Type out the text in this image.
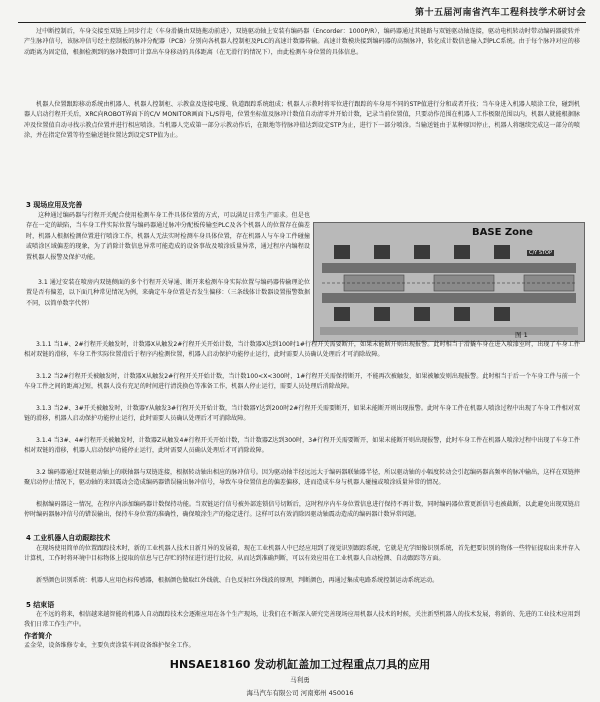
第十五届河南省汽车工程科技学术研讨会

过中断控制后，车身交接至双链上同步行走（车身滑撬由双链拖动前进），双链驱动轴上安装有编码器（Encorder：1000P/R），编码器通过其链路与双链驱动轴连接，驱动电机转动时带动编码器旋转并产生脉冲信号，该脉冲信号经主控制板的脉冲分配器（PCB）分别向各机器人控制柜及PLC的高速计数器传输。高速计数模块接到编码器的高频脉冲，转化成计数信息输入到PLC系统。由于每个脉冲对应的移动距离为固定值，根据检测到的脉冲数即可计算出车身移动的具体距离（在无滑行的情况下），由此检测车身位置的具体信息。

机器人位置跟踪移动系统由机器人、机器人控制柜、示教盒及连接电缆、轨道跟踪系统组成；机器人示教时将零位进行跟踪的车身用不同的STP值进行分和或者开技；当车身进入机器人喷涂工位，碰到机器人启动行程开关后，XRC向ROBOT界面下的C/V MONITOR画面下L/S得电，位置坐标值及脉冲计数值自动清零并开始计数，记录当前位置值，只要动作范围在机器人工作极限范围以内，机器人就能根据脉冲及位置值自动寻找示教点位置并进行相应喷涂。当机器人完成第一部分示教动作后，在限地等待脉冲值达到设定STP为止，进行下一部分喷涂。当输送链由于某种原因停止，机器人将继续完成这一部分的喷涂，并在指定位置等待至输送链位置达到设定STP值为止。

3 现场应用及完善

这种通过编码器与行程开关配合使用检测车身工件具体位置的方式，可以满足日常生产需求。但是也存在一定的缺陷，当车身工件实际位置与编码器通过脉冲分配板传输至PLC及各个机器人的位置存在偏差时，机器人根据检测位置进行喷涂工作，机器人无法实时检测车身具体位置，存在机器人与车身工件碰撞或喷涂区域偏差的现象，为了消除计数信息异常可能造成的设备事故及喷涂质量异常，通过程序内编程设置机器人报警及保护功能。

3.1 通过安装在喷房内双链侧面的多个行程开关导通、断开来检测车身实际位置与编码器传输理论位置是否有偏差，以下面几种常见情况为例，来确定车身位置是否发生偏移：（三条线体计数器设置报警数据不同，以简单数字代替）

BASE Zone
C/Y STOP
图 1

3.1.1 当1#、2#行程开关触发时，计数器X从触发2#行程开关开始计数，当计数器X达到100时1#行程开关需要断开，如果未能断开则出现报警。此时相当于滑撬车身在进入喷漆室时，出现了车身工件相对双链的滑移，车身工件实际位置滑后于程序内检测位置，机器人启动保护功能停止运行，此时需要人员确认处理后才可消除故障。

3.1.2 当2#行程开关被触发时，计数器X从触发2#行程开关开始计数，当计数100<X<300时，1#行程开关需保持断开，不能再次被触发，如果被触发则出现报警。此时相当于后一个车身工件与前一个车身工件之间的距离过短，机器人没有充足的时间进行清洗换色等准备工作，机器人停止运行，需要人员处理后消除故障。

3.1.3 当2#、3#开关被触发时，计数器Y从触发3#行程开关开始计数，当计数器Y达到200时2#行程开关需要断开，如果未能断开则出现报警。此时车身工件在机器人喷涂过程中出现了车身工件相对双链的滑移，机器人启动保护功能停止运行，此时需要人员确认处理后才可消除故障。

3.1.4 当3#、4#行程开关被触发时，计数器Z从触发4#行程开关开始计数，当计数器Z达到300时，3#行程开关需要断开，如果未能断开则出现报警，此时车身工件在机器人喷涂过程中出现了车身工件相对双链的滑移，机器人启动保护功能停止运行，此时需要人员确认处理后才可消除故障。

3.2 编码器通过双链驱动轴上的联轴器与双链连接，根据转动轴出相应的脉冲信号。因为驱动轴半径远远大于编码器联轴器半径，所以驱动轴的小幅度转动会引起编码器高频率的脉冲输出，这样在双链摔聚启动停止情况下，驱动轴的来回震动会造成编码器错误输出脉冲信号，导致车身位置信息的偏差偏移，进而造成车身与机器人碰撞或喷涂质量异常的情况。

根据编码器这一情况，在程序内添加编码器计数保持功能。当双链运行信号被外部连锁信号切断后，这时程序内车身位置信息进行保持不再计数，同时编码器位置更新信号也被截断，以此避免出现双链启停时编码器脉冲信号的错误输出，保持车身位置的准确性，确保喷涂生产的稳定进行。这样可以有效消除因驱动轴震动造成的编码器计数异常问题。

4 工业机器人自动跟踪技术

在现场使用简单的位置跟踪技术时，新的工业机器人技术日新月异的发展着，现在工业机器人中已经应用到了视觉识别跟踪系统，它就是光学图像识别系统，首先把要识别的物体一些特征提取出来并存入计算机，工作时将环境中目标物体上提取的信息与已存贮的特征进行进行比较，从而达到准确判断，可以有效应用在工业机器人自动检测、自动跟踪等方面。

新型颜色识别系统：机器人应用色标传感器，根据颜色做取红外线就、白色反射红外线波的原理，判断颜色，再通过集成电路系统控制运动系统运动。

5 结束语

在不远的将来，相信越来越智能的机器人自动跟踪技术会逐渐应用在各个生产现场，让我们在不断深入研究完善现场应用机器人技术的时候，关注新型机器人的技术发展，将新的、先进的工业技术应用到我们日常工作生产中。

作者简介

孟金荣，设备维修专业，主要负责涂装车间设备维护保全工作。

HNSAE18160 发动机缸盖加工过程重点刀具的应用
马利勇
海马汽车有限公司 河南郑州 450016
